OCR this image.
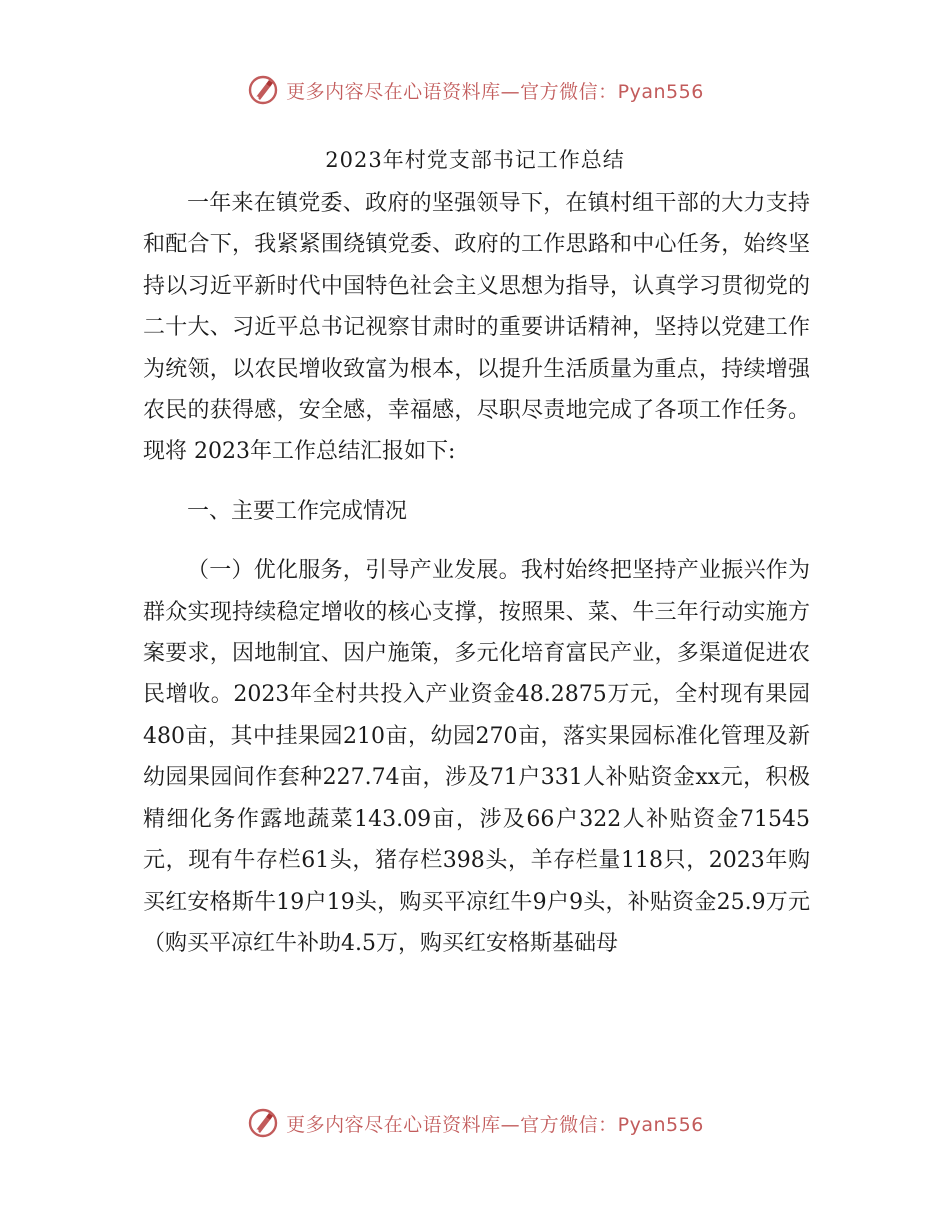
更多内容尽在心语资料库—官方微信：Pyan556
2023年村党支部书记工作总结

一年来在镇党委、政府的坚强领导下，在镇村组干部的大力支持和配合下，我紧紧围绕镇党委、政府的工作思路和中心任务，始终坚持以习近平新时代中国特色社会主义思想为指导，认真学习贯彻党的二十大、习近平总书记视察甘肃时的重要讲话精神，坚持以党建工作为统领，以农民增收致富为根本，以提升生活质量为重点，持续增强农民的获得感，安全感，幸福感，尽职尽责地完成了各项工作任务。现将 2023年工作总结汇报如下:

一、主要工作完成情况

（一）优化服务，引导产业发展。我村始终把坚持产业振兴作为群众实现持续稳定增收的核心支撑，按照果、菜、牛三年行动实施方案要求，因地制宜、因户施策，多元化培育富民产业，多渠道促进农民增收。2023年全村共投入产业资金48.2875万元，全村现有果园480亩，其中挂果园210亩，幼园270亩，落实果园标准化管理及新幼园果园间作套种227.74亩，涉及71户331人补贴资金xx元，积极精细化务作露地蔬菜143.09亩，涉及66户322人补贴资金71545元，现有牛存栏61头，猪存栏398头，羊存栏量118只，2023年购买红安格斯牛19户19头，购买平凉红牛9户9头，补贴资金25.9万元（购买平凉红牛补助4.5万，购买红安格斯基础母

更多内容尽在心语资料库—官方微信：Pyan556
